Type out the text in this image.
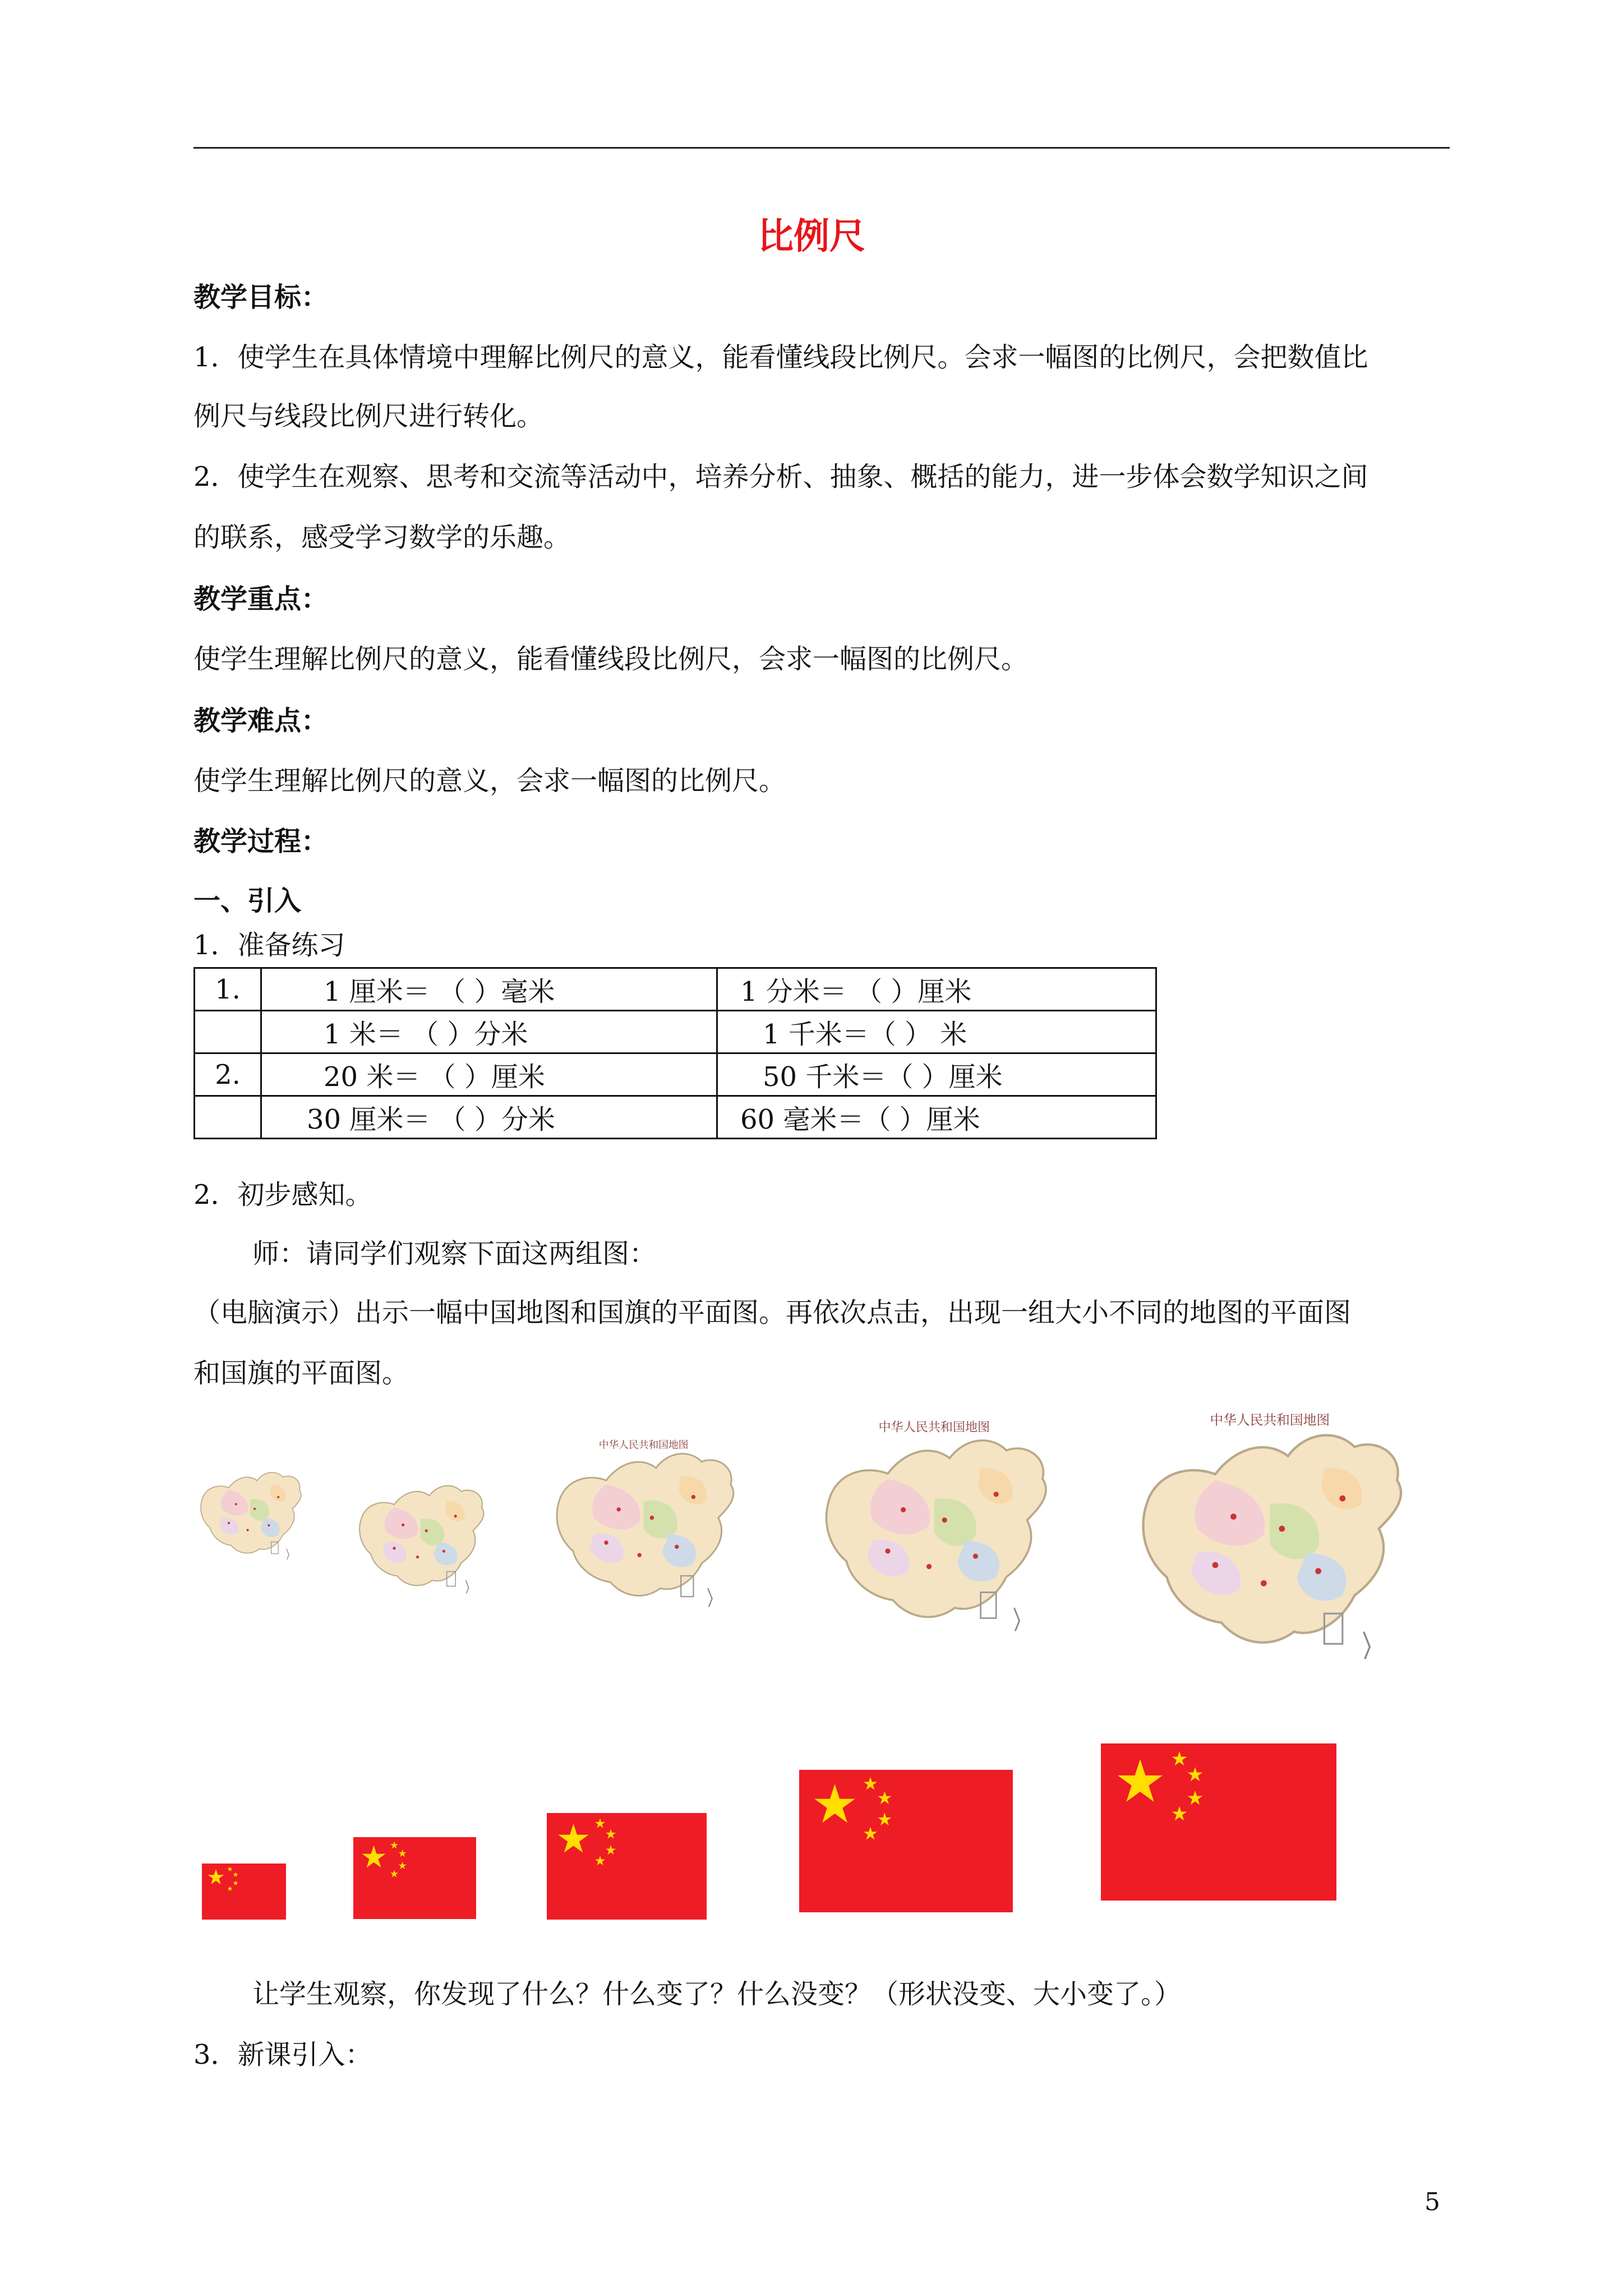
比例尺
教学目标：
1．使学生在具体情境中理解比例尺的意义，能看懂线段比例尺。会求一幅图的比例尺，会把数值比
例尺与线段比例尺进行转化。
2．使学生在观察、思考和交流等活动中，培养分析、抽象、概括的能力，进一步体会数学知识之间
的联系，感受学习数学的乐趣。
教学重点：
使学生理解比例尺的意义，能看懂线段比例尺，会求一幅图的比例尺。
教学难点：
使学生理解比例尺的意义，会求一幅图的比例尺。
教学过程：
一、引入
1．准备练习
1.	1 厘米＝ （ ）毫米	1 分米＝ （ ）厘米
	1 米＝ （ ）分米	1 千米＝（ ） 米
2.	20 米＝ （ ）厘米	50 千米＝（ ）厘米
	30 厘米＝ （ ）分米	60 毫米＝（ ）厘米
2．初步感知。
师：请同学们观察下面这两组图：
（电脑演示）出示一幅中国地图和国旗的平面图。再依次点击，出现一组大小不同的地图的平面图
和国旗的平面图。
中华人民共和国地图
中华人民共和国地图	中华人民共和国地图
让学生观察，你发现了什么？什么变了？什么没变？（形状没变、大小变了。）
3．新课引入：
5
